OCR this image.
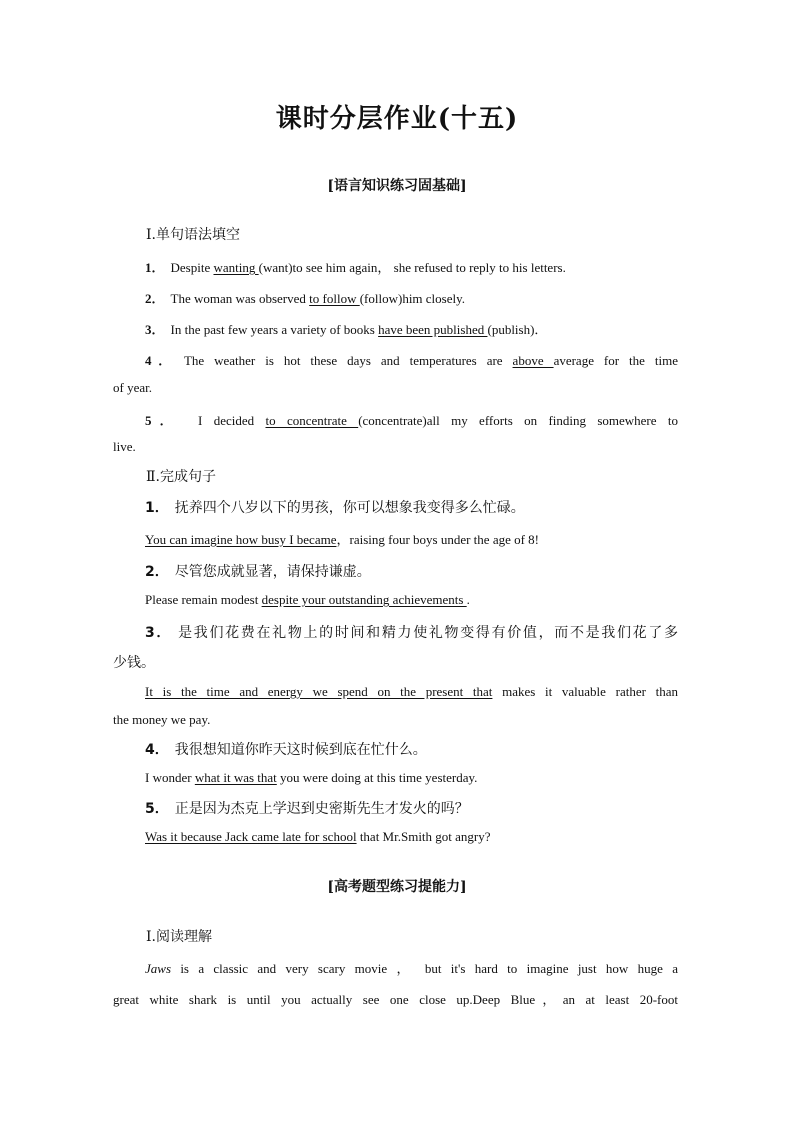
课时分层作业(十五)
[语言知识练习固基础]
Ⅰ.单句语法填空
1． Despite wanting (want)to see him again， she refused to reply to his letters.
2． The woman was observed to follow (follow)him closely.
3． In the past few years a variety of books have been published (publish)．
4． The weather is hot these days and temperatures are above average for the time
of year.
5． I decided to concentrate (concentrate)all my efforts on finding somewhere to
live.
Ⅱ.完成句子
1． 抚养四个八岁以下的男孩，你可以想象我变得多么忙碌。
You can imagine how busy I became，raising four boys under the age of 8!
2． 尽管您成就显著，请保持谦虚。
Please remain modest despite your outstanding achievements .
3． 是我们花费在礼物上的时间和精力使礼物变得有价值，而不是我们花了多
少钱。
It is the time and energy we spend on the present that makes it valuable rather than
the money we pay.
4． 我很想知道你昨天这时候到底在忙什么。
I wonder what it was that you were doing at this time yesterday.
5． 正是因为杰克上学迟到史密斯先生才发火的吗？
Was it because Jack came late for school that Mr.Smith got angry?
[高考题型练习提能力]
Ⅰ.阅读理解
Jaws is a classic and very scary movie ， but it's hard to imagine just how huge a
great white shark is until you actually see one close up.Deep Blue，an at least 20-foot
